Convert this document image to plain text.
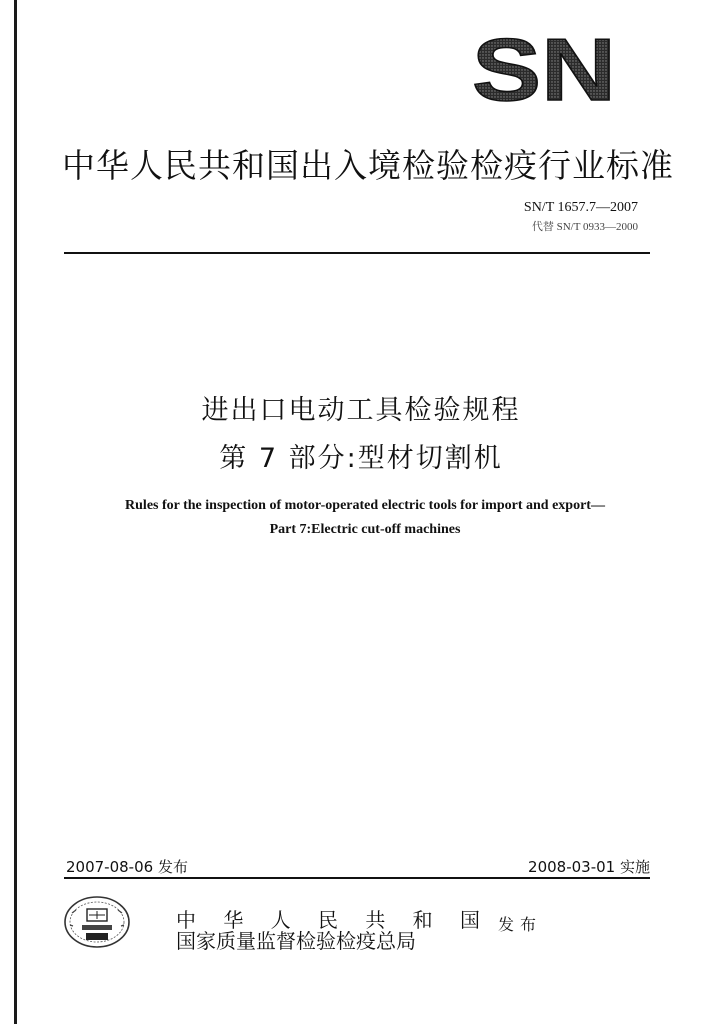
SN
中华人民共和国出入境检验检疫行业标准
SN/T 1657.7—2007
代替 SN/T 0933—2000
进出口电动工具检验规程
第 7 部分:型材切割机
Rules for the inspection of motor-operated electric tools for import and export—
Part 7:Electric cut-off machines
2007-08-06 发布	2008-03-01 实施
中 华 人 民 共 和 国
国家质量监督检验检疫总局
发布
